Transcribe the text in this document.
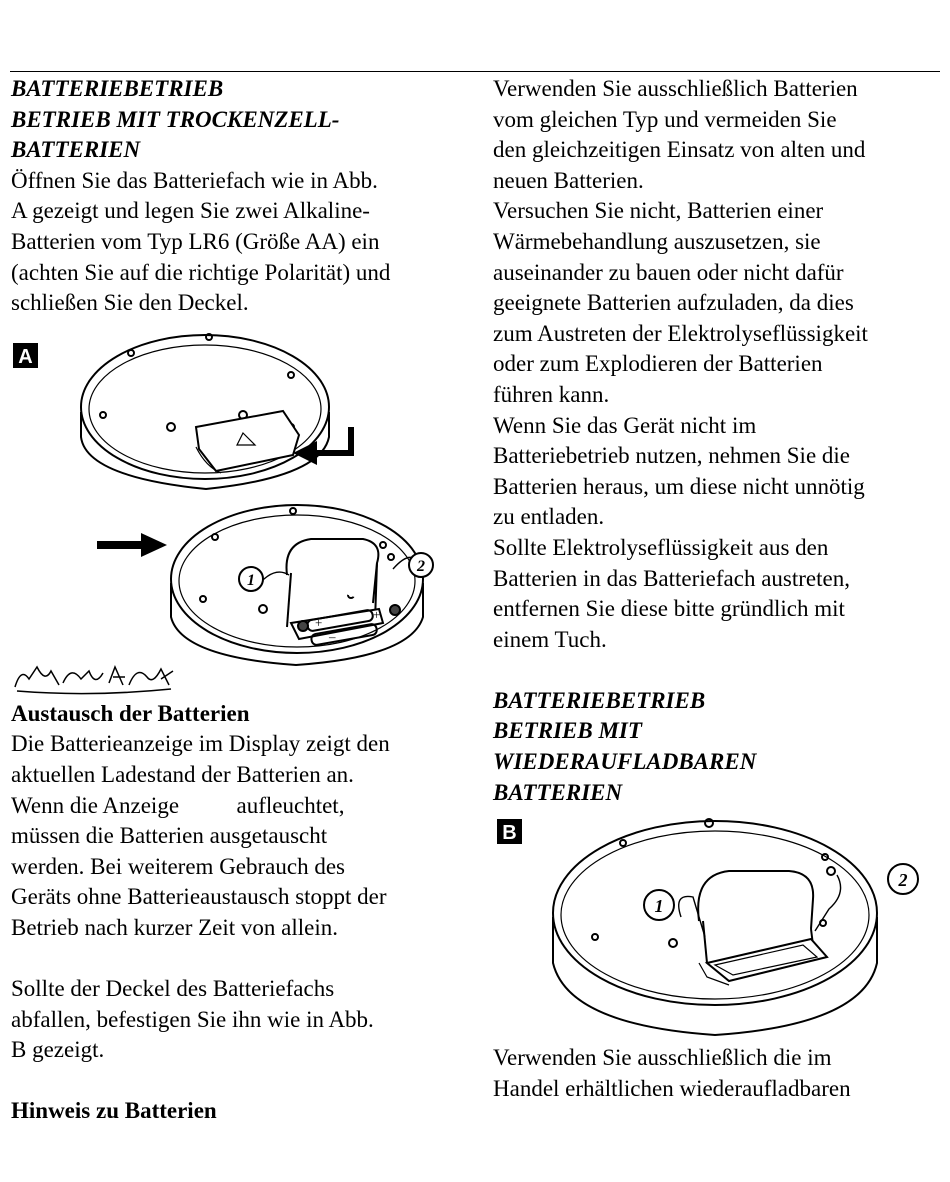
BATTERIEBETRIEB
BETRIEB MIT TROCKENZELL-
BATTERIEN
Öffnen Sie das Batteriefach wie in Abb.
A gezeigt und legen Sie zwei Alkaline-
Batterien vom Typ LR6 (Größe AA) ein
(achten Sie auf die richtige Polarität) und
schließen Sie den Deckel.
A
+
–
+
1
2
Austausch der Batterien
Die Batterieanzeige im Display zeigt den
aktuellen Ladestand der Batterien an.
Wenn die Anzeige          aufleuchtet,
müssen die Batterien ausgetauscht
werden. Bei weiterem Gebrauch des
Geräts ohne Batterieaustausch stoppt der
Betrieb nach kurzer Zeit von allein.
Sollte der Deckel des Batteriefachs
abfallen, befestigen Sie ihn wie in Abb.
B gezeigt.
Hinweis zu Batterien
Verwenden Sie ausschließlich Batterien
vom gleichen Typ und vermeiden Sie
den gleichzeitigen Einsatz von alten und
neuen Batterien.
Versuchen Sie nicht, Batterien einer
Wärmebehandlung auszusetzen, sie
auseinander zu bauen oder nicht dafür
geeignete Batterien aufzuladen, da dies
zum Austreten der Elektrolyseflüssigkeit
oder zum Explodieren der Batterien
führen kann.
Wenn Sie das Gerät nicht im
Batteriebetrieb nutzen, nehmen Sie die
Batterien heraus, um diese nicht unnötig
zu entladen.
Sollte Elektrolyseflüssigkeit aus den
Batterien in das Batteriefach austreten,
entfernen Sie diese bitte gründlich mit
einem Tuch.
BATTERIEBETRIEB
BETRIEB MIT
WIEDERAUFLADBAREN
BATTERIEN
B
1
2
Verwenden Sie ausschließlich die im
Handel erhältlichen wiederaufladbaren
